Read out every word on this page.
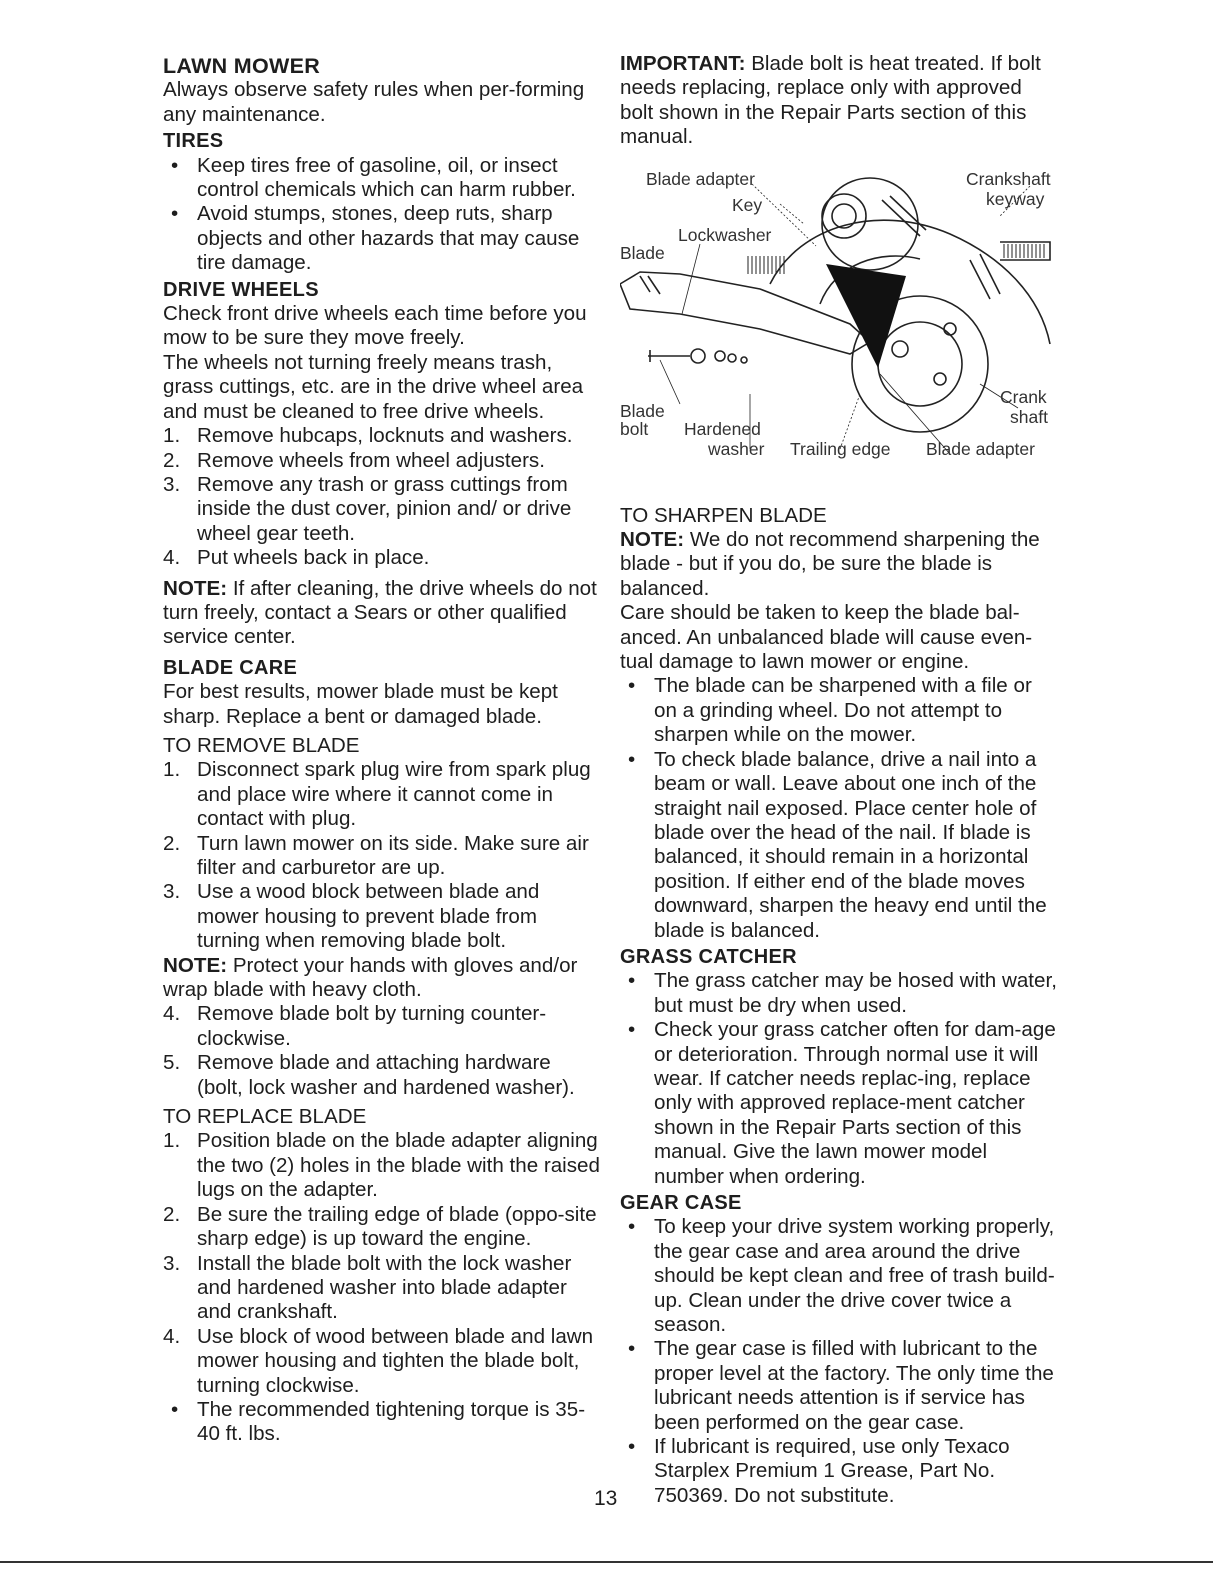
LAWN MOWER

Always observe safety rules when per-forming any maintenance.

TIRES

• Keep tires free of gasoline, oil, or insect control chemicals which can harm rubber.
• Avoid stumps, stones, deep ruts, sharp objects and other hazards that may cause tire damage.

DRIVE WHEELS

Check front drive wheels each time before you mow to be sure they move freely.

The wheels not turning freely means trash, grass cuttings, etc. are in the drive wheel area and must be cleaned to free drive wheels.

1. Remove hubcaps, locknuts and washers.
2. Remove wheels from wheel adjusters.
3. Remove any trash or grass cuttings from inside the dust cover, pinion and/ or drive wheel gear teeth.
4. Put wheels back in place.

NOTE: If after cleaning, the drive wheels do not turn freely, contact a Sears or other qualified service center.

BLADE CARE

For best results, mower blade must be kept sharp. Replace a bent or damaged blade.

TO REMOVE BLADE

1. Disconnect spark plug wire from spark plug and place wire where it cannot come in contact with plug.
2. Turn lawn mower on its side. Make sure air filter and carburetor are up.
3. Use a wood block between blade and mower housing to prevent blade from turning when removing blade bolt.

NOTE: Protect your hands with gloves and/or wrap blade with heavy cloth.

4. Remove blade bolt by turning counter-clockwise.
5. Remove blade and attaching hardware (bolt, lock washer and hardened washer).

TO REPLACE BLADE

1. Position blade on the blade adapter aligning the two (2) holes in the blade with the raised lugs on the adapter.
2. Be sure the trailing edge of blade (oppo-site sharp edge) is up toward the engine.
3. Install the blade bolt with the lock washer and hardened washer into blade adapter and crankshaft.
4. Use block of wood between blade and lawn mower housing and tighten the blade bolt, turning clockwise.
• The recommended tightening torque is 35-40 ft. lbs.

IMPORTANT: Blade bolt is heat treated. If bolt needs replacing, replace only with approved bolt shown in the Repair Parts section of this manual.

Blade adapter	Crankshaft
keyway
Key
Lockwasher
Blade
Blade
bolt Hardened
washer Trailing edge Blade adapter
Crank
shaft

TO SHARPEN BLADE

NOTE: We do not recommend sharpening the blade - but if you do, be sure the blade is balanced.

Care should be taken to keep the blade bal-anced. An unbalanced blade will cause even-tual damage to lawn mower or engine.

• The blade can be sharpened with a file or on a grinding wheel. Do not attempt to sharpen while on the mower.
• To check blade balance, drive a nail into a beam or wall. Leave about one inch of the straight nail exposed. Place center hole of blade over the head of the nail. If blade is balanced, it should remain in a horizontal position. If either end of the blade moves downward, sharpen the heavy end until the blade is balanced.

GRASS CATCHER

• The grass catcher may be hosed with water, but must be dry when used.
• Check your grass catcher often for dam-age or deterioration. Through normal use it will wear. If catcher needs replac-ing, replace only with approved replace-ment catcher shown in the Repair Parts section of this manual. Give the lawn mower model number when ordering.

GEAR CASE

• To keep your drive system working properly, the gear case and area around the drive should be kept clean and free of trash build-up. Clean under the drive cover twice a season.
• The gear case is filled with lubricant to the proper level at the factory. The only time the lubricant needs attention is if service has been performed on the gear case.
• If lubricant is required, use only Texaco Starplex Premium 1 Grease, Part No. 750369. Do not substitute.
13
